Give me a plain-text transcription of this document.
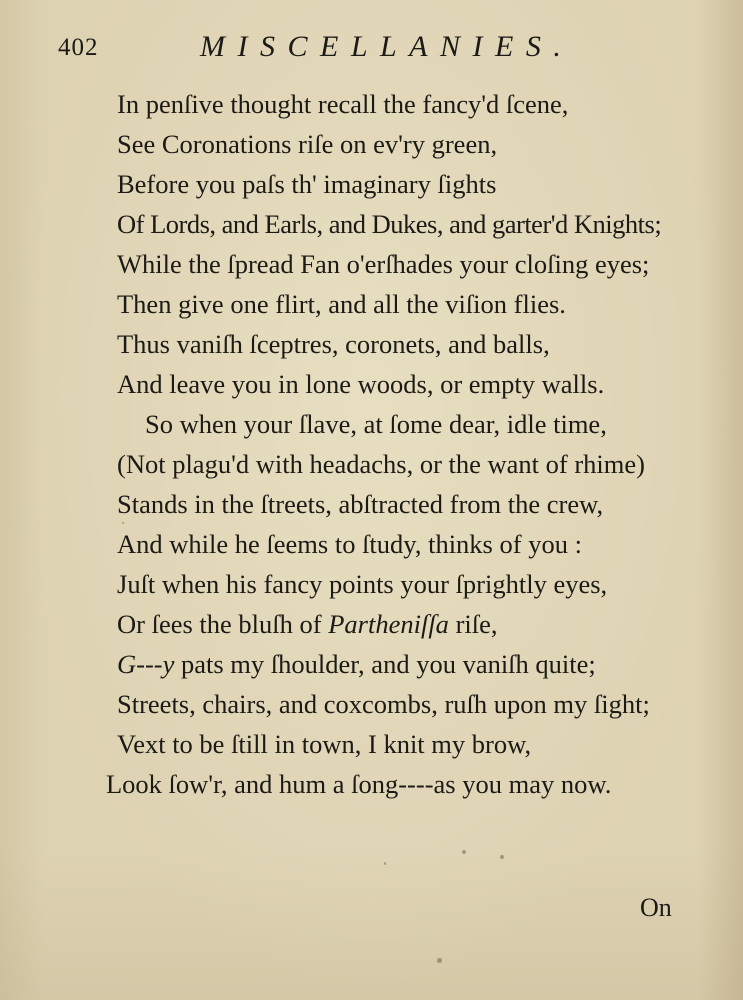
402	MISCELLANIES.
In penſive thought recall the fancy'd ſcene,
See Coronations riſe on ev'ry green,
Before you paſs th' imaginary ſights
Of Lords, and Earls, and Dukes, and garter'd Knights;
While the ſpread Fan o'erſhades your cloſing eyes;
Then give one flirt, and all the viſion flies.
Thus vaniſh ſceptres, coronets, and balls,
And leave you in lone woods, or empty walls.
So when your ſlave, at ſome dear, idle time,
(Not plagu'd with headachs, or the want of rhime)
Stands in the ſtreets, abſtracted from the crew,
And while he ſeems to ſtudy, thinks of you :
Juſt when his fancy points your ſprightly eyes,
Or ſees the bluſh of Partheniſſa riſe,
G---y pats my ſhoulder, and you vaniſh quite;
Streets, chairs, and coxcombs, ruſh upon my ſight;
Vext to be ſtill in town, I knit my brow,
Look ſow'r, and hum a ſong----as you may now.
On
